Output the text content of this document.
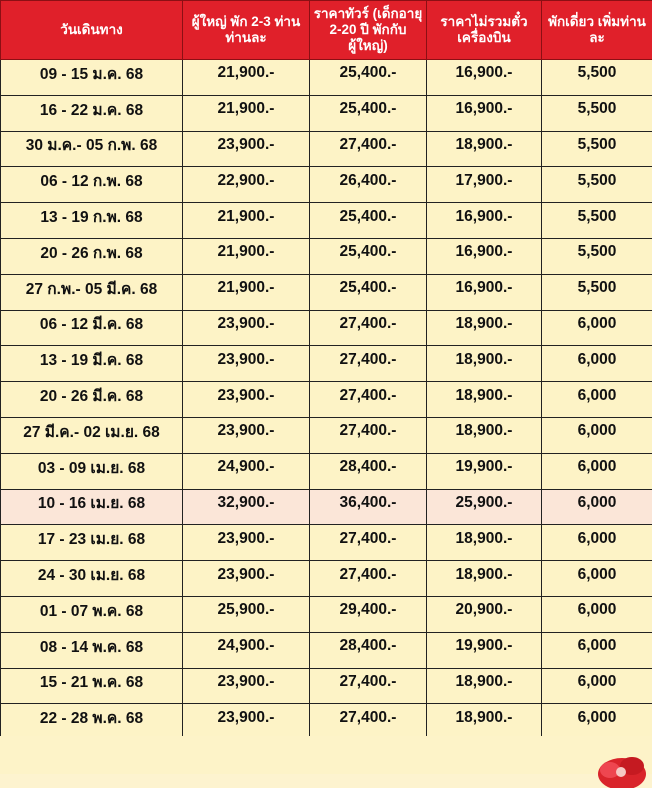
วันเดินทาง	ผู้ใหญ่ พัก 2-3 ท่าน ท่านละ	ราคาทัวร์ (เด็กอายุ 2-20 ปี พักกับผู้ใหญ่)	ราคาไม่รวมตั๋ว เครื่องบิน	พักเดี่ยว เพิ่มท่านละ
09 - 15 ม.ค. 68	21,900.-	25,400.-	16,900.-	5,500
16 - 22 ม.ค. 68	21,900.-	25,400.-	16,900.-	5,500
30 ม.ค.- 05 ก.พ. 68	23,900.-	27,400.-	18,900.-	5,500
06 - 12 ก.พ. 68	22,900.-	26,400.-	17,900.-	5,500
13 - 19 ก.พ. 68	21,900.-	25,400.-	16,900.-	5,500
20 - 26 ก.พ. 68	21,900.-	25,400.-	16,900.-	5,500
27 ก.พ.- 05 มี.ค. 68	21,900.-	25,400.-	16,900.-	5,500
06 - 12 มี.ค. 68	23,900.-	27,400.-	18,900.-	6,000
13 - 19 มี.ค. 68	23,900.-	27,400.-	18,900.-	6,000
20 - 26 มี.ค. 68	23,900.-	27,400.-	18,900.-	6,000
27 มี.ค.- 02 เม.ย. 68	23,900.-	27,400.-	18,900.-	6,000
03 - 09 เม.ย. 68	24,900.-	28,400.-	19,900.-	6,000
10 - 16 เม.ย. 68	32,900.-	36,400.-	25,900.-	6,000
17 - 23 เม.ย. 68	23,900.-	27,400.-	18,900.-	6,000
24 - 30 เม.ย. 68	23,900.-	27,400.-	18,900.-	6,000
01 - 07 พ.ค. 68	25,900.-	29,400.-	20,900.-	6,000
08 - 14 พ.ค. 68	24,900.-	28,400.-	19,900.-	6,000
15 - 21 พ.ค. 68	23,900.-	27,400.-	18,900.-	6,000
22 - 28 พ.ค. 68	23,900.-	27,400.-	18,900.-	6,000
